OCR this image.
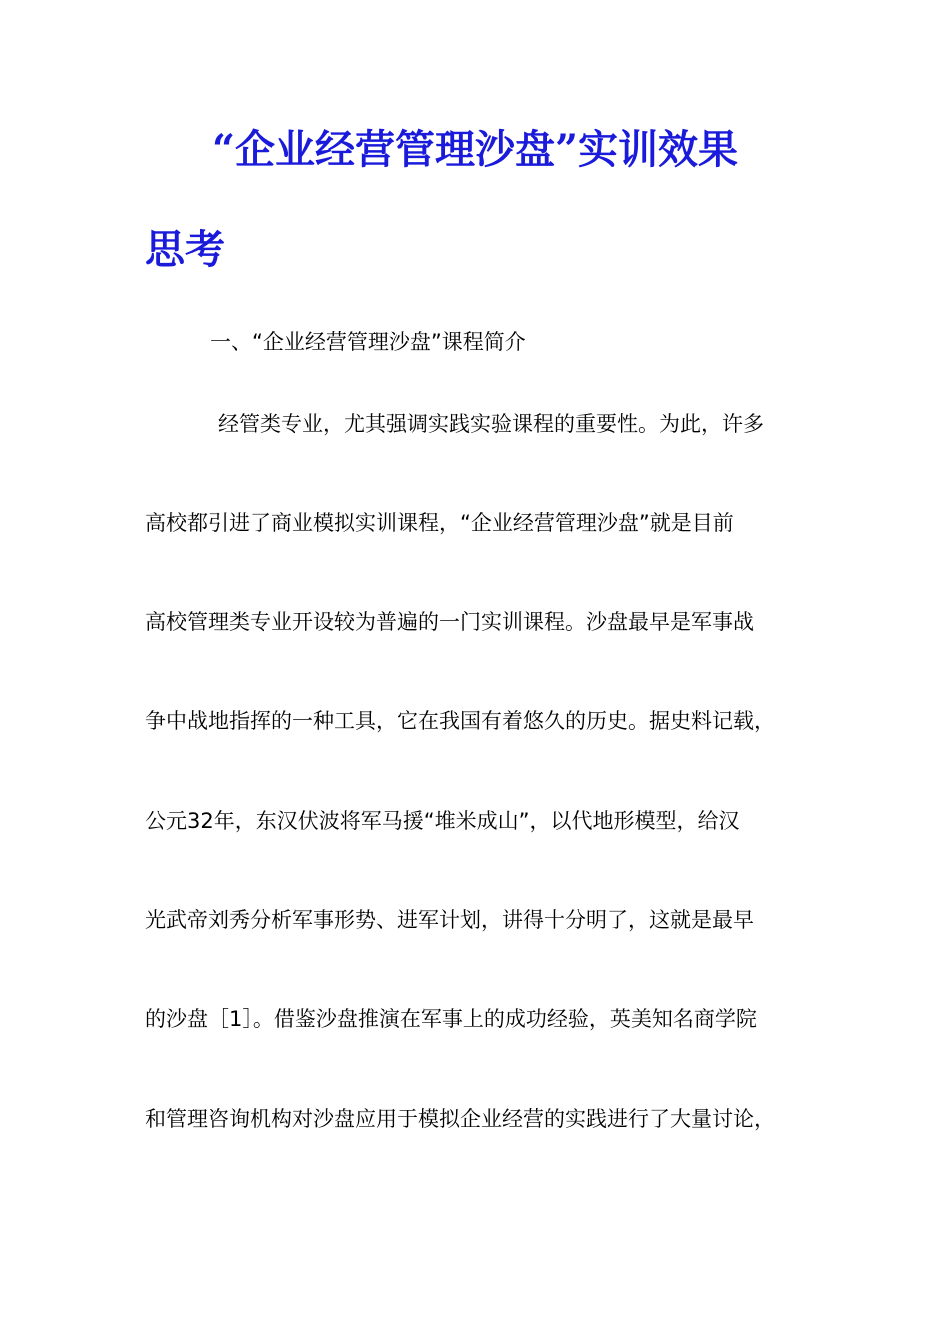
“企业经营管理沙盘”实训效果
思考
一、“企业经营管理沙盘”课程简介
经管类专业，尤其强调实践实验课程的重要性。为此，许多
高校都引进了商业模拟实训课程，“企业经营管理沙盘”就是目前
高校管理类专业开设较为普遍的一门实训课程。沙盘最早是军事战
争中战地指挥的一种工具，它在我国有着悠久的历史。据史料记载，
公元32年，东汉伏波将军马援“堆米成山”，以代地形模型，给汉
光武帝刘秀分析军事形势、进军计划，讲得十分明了，这就是最早
的沙盘［1］。借鉴沙盘推演在军事上的成功经验，英美知名商学院
和管理咨询机构对沙盘应用于模拟企业经营的实践进行了大量讨论，
